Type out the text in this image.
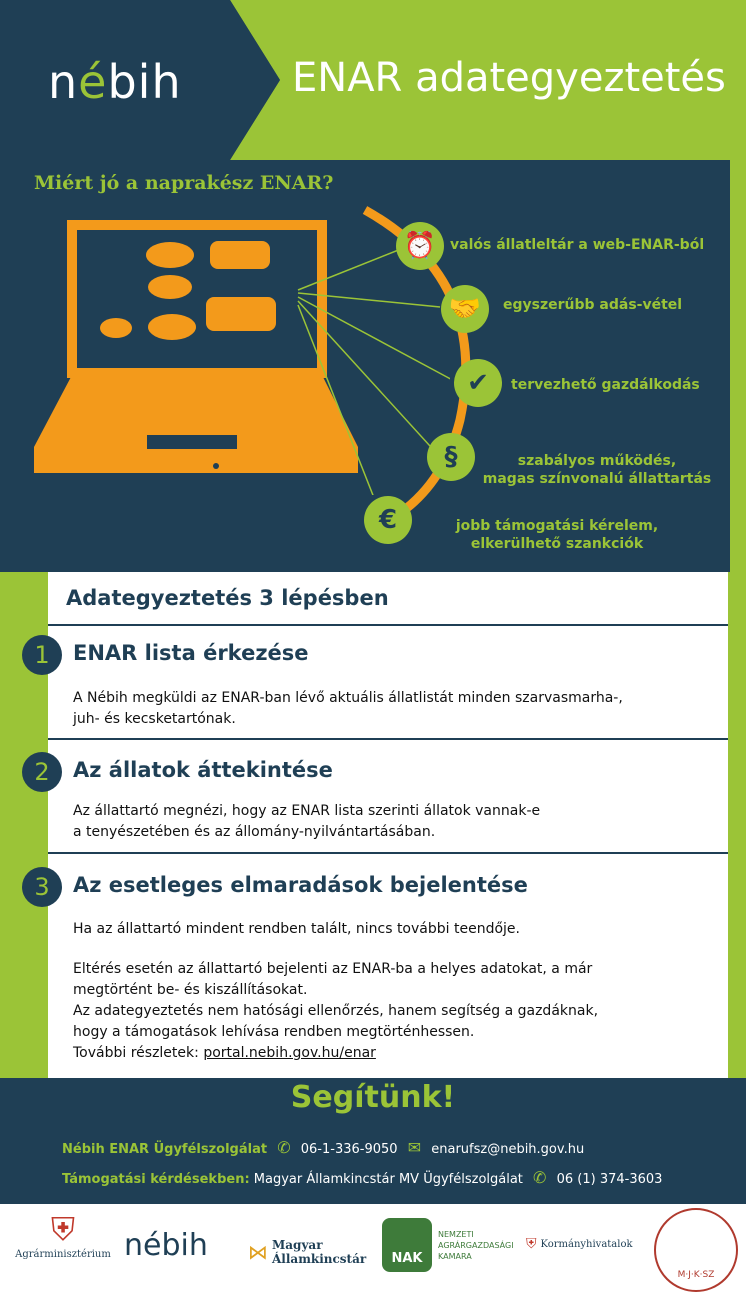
nébih	ENAR adategyeztetés
Miért jó a naprakész ENAR?
⏰
🤝
✔
§
€
valós állatleltár a web-ENAR-ból
egyszerűbb adás-vétel
tervezhető gazdálkodás
szabályos működés,
magas színvonalú állattartás
jobb támogatási kérelem,
elkerülhető szankciók
Adategyeztetés 3 lépésben
1	ENAR lista érkezése
A Nébih megküldi az ENAR-ban lévő aktuális állatlistát minden szarvasmarha-,
juh- és kecsketartónak.
2	Az állatok áttekintése
Az állattartó megnézi, hogy az ENAR lista szerinti állatok vannak-e
a tenyészetében és az állomány-nyilvántartásában.
3	Az esetleges elmaradások bejelentése
Ha az állattartó mindent rendben talált, nincs további teendője.
Eltérés esetén az állattartó bejelenti az ENAR-ba a helyes adatokat, a már
megtörtént be- és kiszállításokat.
Az adategyeztetés nem hatósági ellenőrzés, hanem segítség a gazdáknak,
hogy a támogatások lehívása rendben megtörténhessen.
További részletek: portal.nebih.gov.hu/enar
Segítünk!
Nébih ENAR Ügyfélszolgálat ✆ 06-1-336-9050 ✉ enarufsz@nebih.gov.hu
Támogatási kérdésekben: Magyar Államkincstár MV Ügyfélszolgálat ✆ 06 (1) 374-3603
⛨
Agrárminisztérium nébih ⋈ Magyar
Államkincstár	NAK
NEMZETI
AGRÁRGAZDASÁGI
KAMARA
⛨ Kormányhivatalok
M·J·K·SZ
